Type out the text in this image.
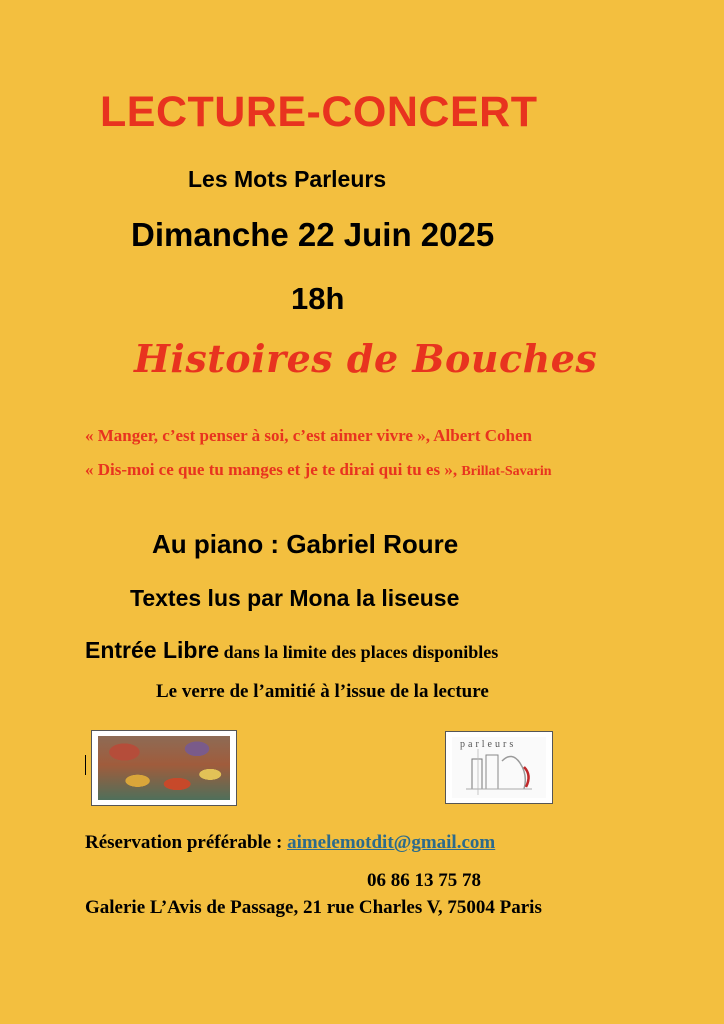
LECTURE-CONCERT
Les Mots Parleurs
Dimanche 22 Juin 2025
18h
Histoires de Bouches
« Manger, c’est penser à soi, c’est aimer vivre », Albert Cohen
« Dis-moi ce que tu manges et je te dirai qui tu es », Brillat-Savarin
Au piano : Gabriel Roure
Textes lus par Mona la liseuse
Entrée Libre dans la limite des places disponibles
Le verre de l’amitié à l’issue de la lecture
parleurs
Réservation préférable : aimelemotdit@gmail.com
06 86 13 75 78
Galerie L’Avis de Passage, 21 rue Charles V, 75004 Paris
